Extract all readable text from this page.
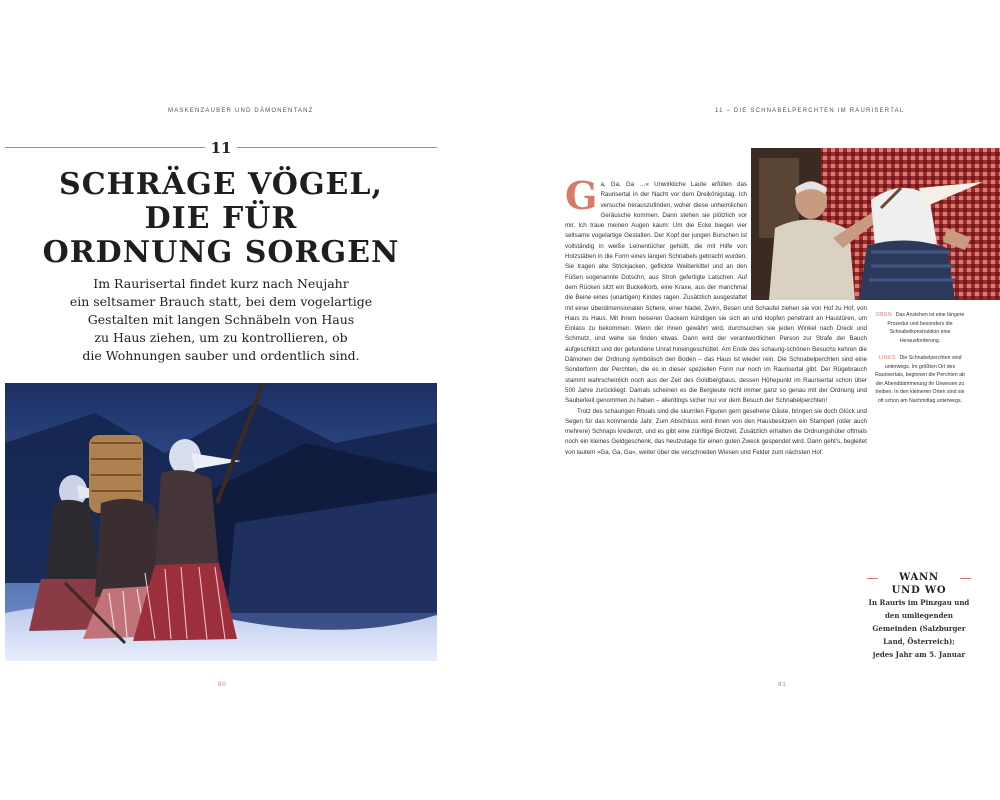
MASKENZAUBER UND DÄMONENTANZ
11
SCHRÄGE VÖGEL,
DIE FÜR
ORDNUNG SORGEN
Im Raurisertal findet kurz nach Neujahr
ein seltsamer Brauch statt, bei dem vogelartige
Gestalten mit langen Schnäbeln von Haus
zu Haus ziehen, um zu kontrollieren, ob
die Wohnungen sauber und ordentlich sind.
90
11 – DIE SCHNABELPERCHTEN IM RAURISERTAL

Ga, Ga, Ga …« Unwirkliche Laute erfüllen das Raurisertal in der Nacht vor dem Dreikönigstag. Ich versuche herauszufinden, woher diese unheimlichen Geräusche kommen. Dann stehen sie plötzlich vor mir. Ich traue meinen Augen kaum: Um die Ecke biegen vier seltsame vogelartige Gestalten. Der Kopf der jungen Burschen ist vollständig in weiße Leinentücher gehüllt, die mit Hilfe von Holzstäben in die Form eines langen Schnabels gebracht wurden. Sie tragen alte Strickjacken, geflickte Weiberkittel und an den Füßen sogenannte Dotschn, aus Stroh gefertigte Latschen. Auf dem Rücken sitzt ein Buckelkorb, eine Kraxe, aus der manchmal die Beine eines (unartigen) Kindes ragen. Zusätzlich ausgestattet mit einer überdimensionalen Schere, einer Nadel, Zwirn, Besen und Schaufel ziehen sie von Hof zu Hof, von Haus zu Haus. Mit ihrem heiseren Gackern kündigen sie sich an und klopfen penetrant an Haustüren, um Einlass zu bekommen. Wenn der ihnen gewährt wird, durchsuchen sie jeden Winkel nach Dreck und Schmutz, und wehe sie finden etwas. Dann wird der verantwortlichen Person zur Strafe der Bauch aufgeschlitzt und der gefundene Unrat hineingeschüttet. Am Ende des schaurig-schönen Besuchs kehren die Dämonen der Ordnung symbolisch den Boden – das Haus ist wieder rein. Die Schnabelperchten sind eine Sonderform der Perchten, die es in dieser speziellen Form nur noch im Raurisertal gibt. Der Rügebrauch stammt wahrscheinlich noch aus der Zeit des Goldbergbaus, dessen Höhepunkt im Raurisertal schon über 500 Jahre zurückliegt. Damals scheinen es die Bergleute nicht immer ganz so genau mit der Ordnung und Sauberkeit genommen zu haben – allerdings sicher nur vor dem Besuch der Schnabelperchten!

Trotz des schaurigen Rituals sind die skurrilen Figuren gern gesehene Gäste, bringen sie doch Glück und Segen für das kommende Jahr. Zum Abschluss wird ihnen von den Hausbesitzern ein Stamperl (oder auch mehrere) Schnaps kredenzt, und es gibt eine zünftige Brotzeit. Zusätzlich erhalten die Ordnungshüter oftmals noch ein kleines Geldgeschenk, das heutzutage für einen guten Zweck gespendet wird. Dann geht's, begleitet von lautem »Ga, Ga, Ga«, weiter über die verschneiten Wiesen und Felder zum nächsten Hof.

OBEN Das Anziehen ist eine längere Prozedur und besonders die Schnabelkonstruktion eine Herausforderung.

LINKS Die Schnabelperchten sind unterwegs. Im größten Ort des Raurisertals, beginnen die Perchten ab der Abenddämmerung ihr Unwesen zu treiben. In den kleineren Orten sind sie oft schon am Nachmittag unterwegs.

WANN
UND WO
In Rauris im Pinzgau und
den umliegenden
Gemeinden (Salzburger
Land, Österreich);
jedes Jahr am 5. Januar
91
